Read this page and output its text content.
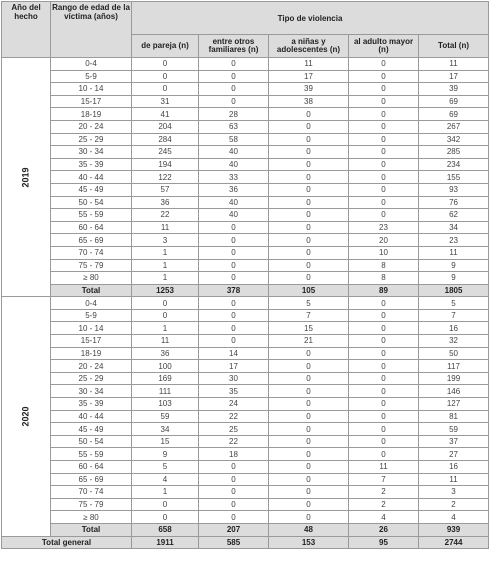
Año del hecho	Rango de edad de la víctima (años)	Tipo de violencia				
		de pareja (n)	entre otros familiares (n)	a niñas y adolescentes (n)	al adulto mayor (n)	Total (n)
2019	0-4	0	0	11	0	11
	5-9	0	0	17	0	17
	10 - 14	0	0	39	0	39
	15-17	31	0	38	0	69
	18-19	41	28	0	0	69
	20 - 24	204	63	0	0	267
	25 - 29	284	58	0	0	342
	30 - 34	245	40	0	0	285
	35 - 39	194	40	0	0	234
	40 - 44	122	33	0	0	155
	45 - 49	57	36	0	0	93
	50 - 54	36	40	0	0	76
	55 - 59	22	40	0	0	62
	60 - 64	11	0	0	23	34
	65 - 69	3	0	0	20	23
	70 - 74	1	0	0	10	11
	75 - 79	1	0	0	8	9
	≥ 80	1	0	0	8	9
	Total	1253	378	105	89	1805
2020	0-4	0	0	5	0	5
	5-9	0	0	7	0	7
	10 - 14	1	0	15	0	16
	15-17	11	0	21	0	32
	18-19	36	14	0	0	50
	20 - 24	100	17	0	0	117
	25 - 29	169	30	0	0	199
	30 - 34	111	35	0	0	146
	35 - 39	103	24	0	0	127
	40 - 44	59	22	0	0	81
	45 - 49	34	25	0	0	59
	50 - 54	15	22	0	0	37
	55 - 59	9	18	0	0	27
	60 - 64	5	0	0	11	16
	65 - 69	4	0	0	7	11
	70 - 74	1	0	0	2	3
	75 - 79	0	0	0	2	2
	≥ 80	0	0	0	4	4
	Total	658	207	48	26	939
Total general		1911	585	153	95	2744
